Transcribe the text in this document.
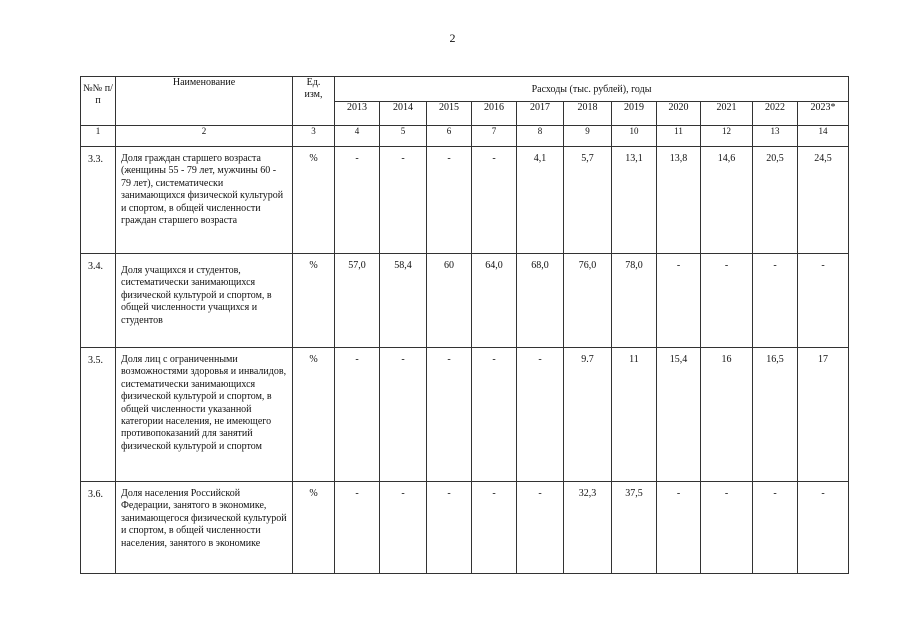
2
№№ п/п	Наименование	Ед. изм,	Расходы (тыс. рублей), годы										
			2013	2014	2015	2016	2017	2018	2019	2020	2021	2022	2023*
1	2	3	4	5	6	7	8	9	10	11	12	13	14
3.3.	Доля граждан старшего возраста (женщины 55 - 79 лет, мужчины 60 - 79 лет), систематически занимающихся физической культурой и спортом, в общей численности граждан старшего возраста	%	-	-	-	-	4,1	5,7	13,1	13,8	14,6	20,5	24,5
3.4.	Доля учащихся и студентов, систематически занимающихся физической культурой и спортом, в общей численности учащихся и студентов	%	57,0	58,4	60	64,0	68,0	76,0	78,0	-	-	-	-
3.5.	Доля лиц с ограниченными возможностями здоровья и инвалидов, систематически занимающихся физической культурой и спортом, в общей численности указанной категории населения, не имеющего противопоказаний для занятий физической культурой и спортом	%	-	-	-	-	-	9.7	11	15,4	16	16,5	17
3.6.	Доля населения Российской Федерации, занятого в экономике, занимающегося физической культурой и спортом, в общей численности населения, занятого в экономике	%	-	-	-	-	-	32,3	37,5	-	-	-	-
